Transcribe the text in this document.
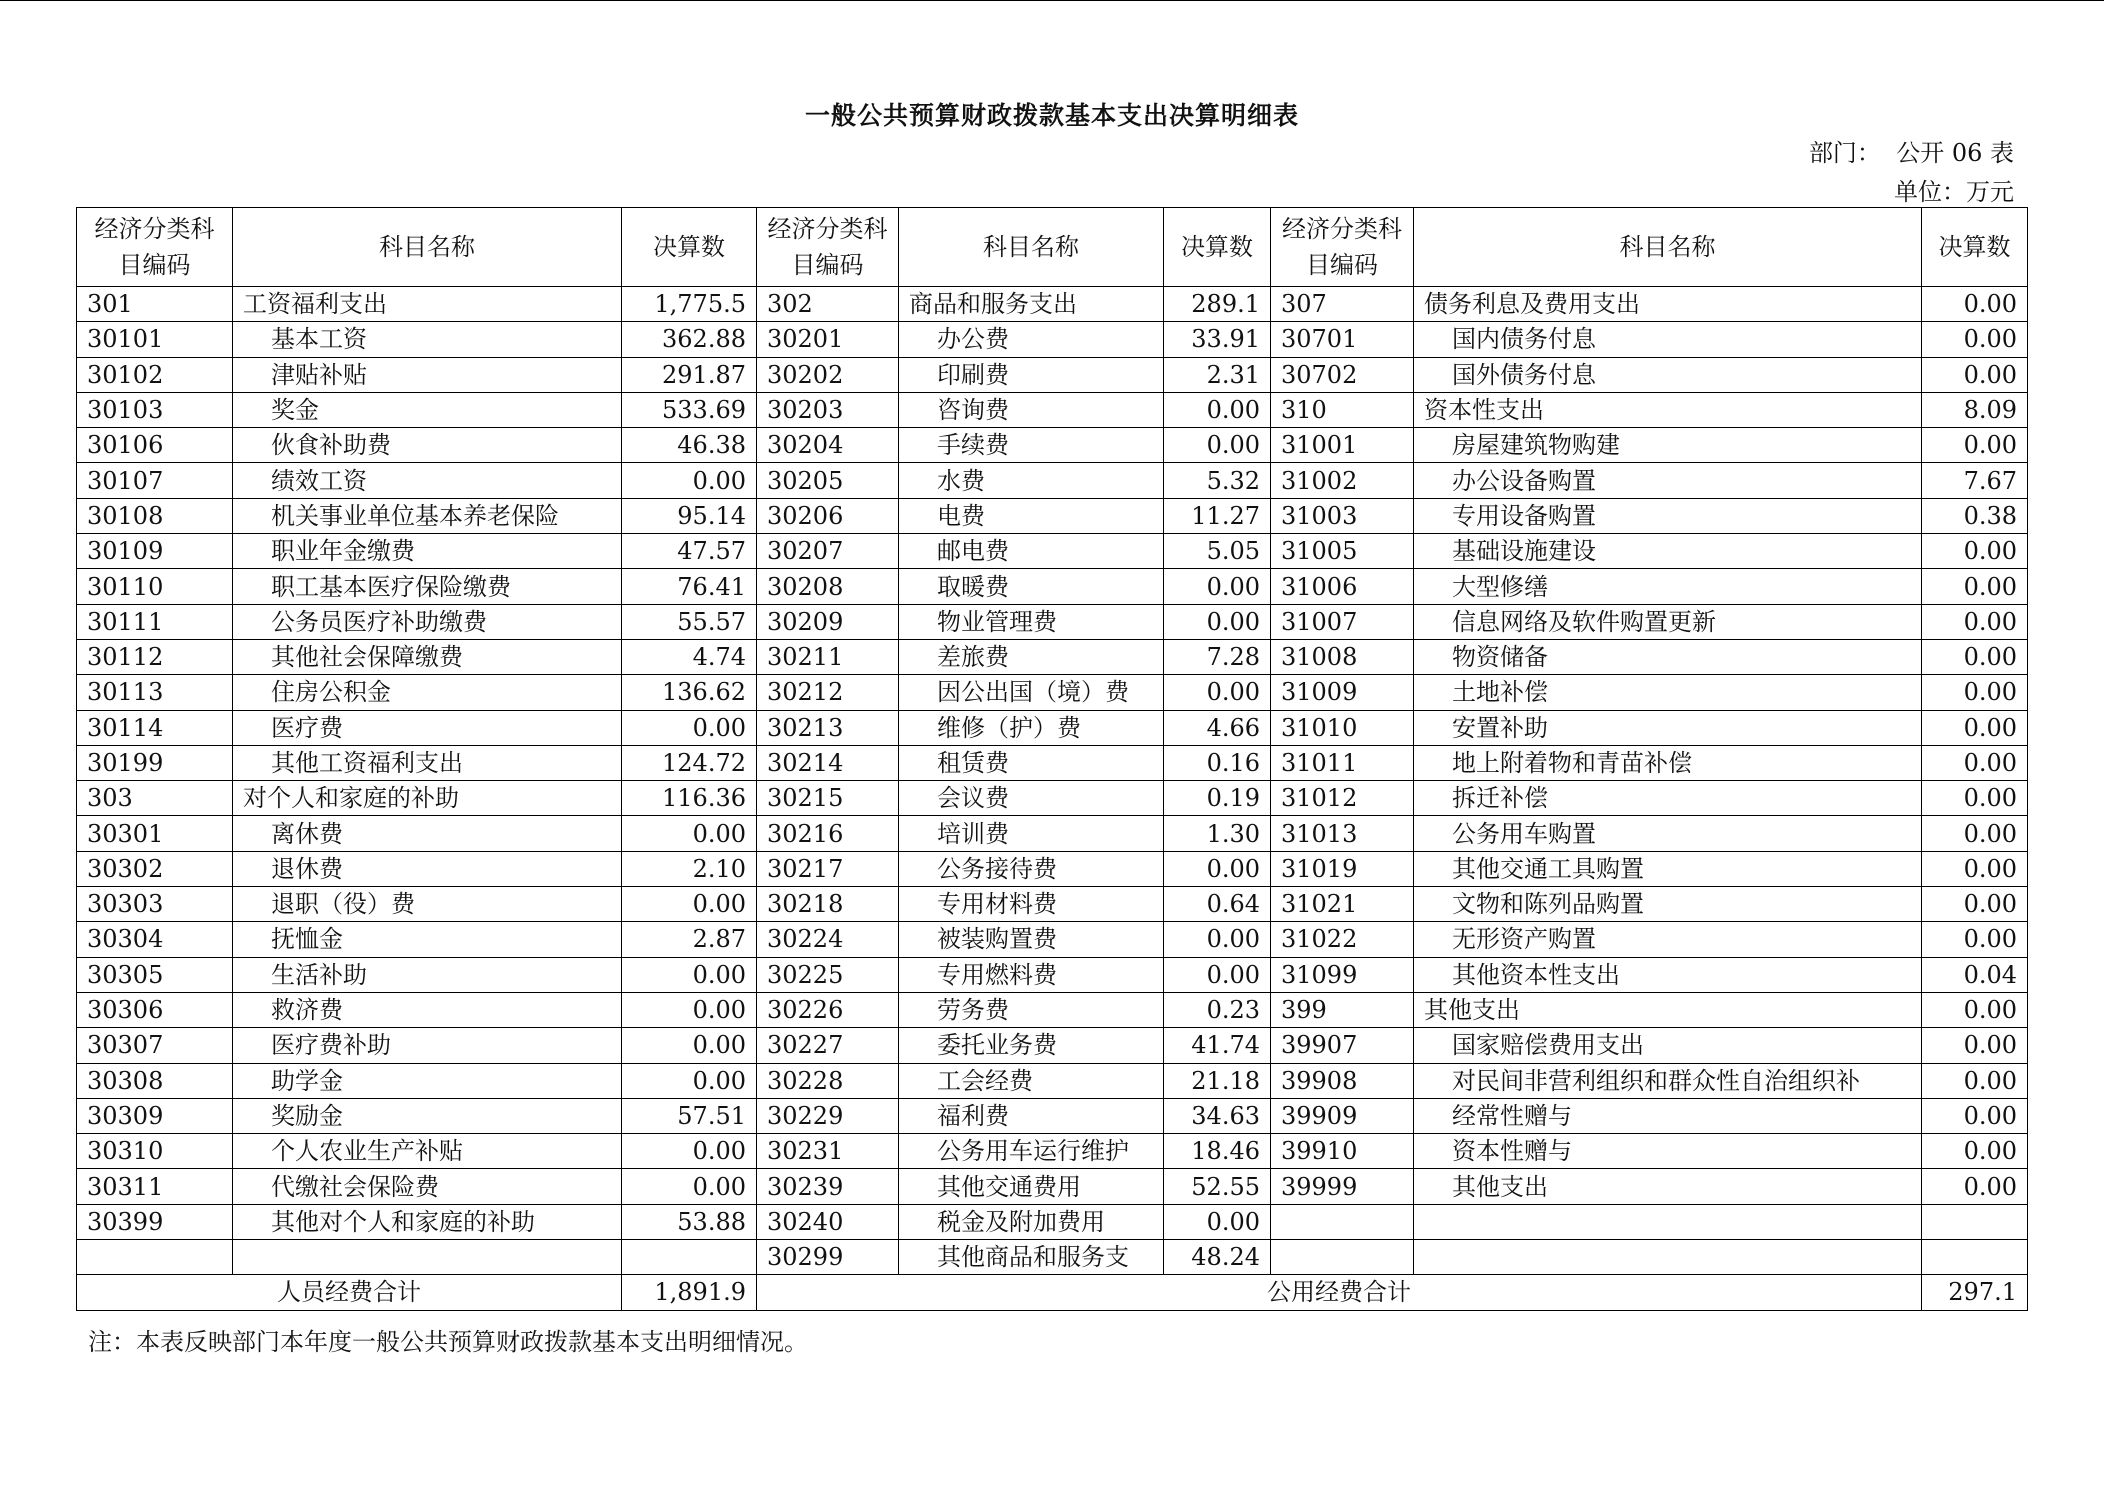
一般公共预算财政拨款基本支出决算明细表
部门： 公开 06 表
单位：万元
经济分类科目编码	科目名称	决算数	经济分类科目编码	科目名称	决算数	经济分类科目编码	科目名称	决算数
301	工资福利支出	1,775.5	302	商品和服务支出	289.1	307	债务利息及费用支出	0.00
30101	基本工资	362.88	30201	办公费	33.91	30701	国内债务付息	0.00
30102	津贴补贴	291.87	30202	印刷费	2.31	30702	国外债务付息	0.00
30103	奖金	533.69	30203	咨询费	0.00	310	资本性支出	8.09
30106	伙食补助费	46.38	30204	手续费	0.00	31001	房屋建筑物购建	0.00
30107	绩效工资	0.00	30205	水费	5.32	31002	办公设备购置	7.67
30108	机关事业单位基本养老保险	95.14	30206	电费	11.27	31003	专用设备购置	0.38
30109	职业年金缴费	47.57	30207	邮电费	5.05	31005	基础设施建设	0.00
30110	职工基本医疗保险缴费	76.41	30208	取暖费	0.00	31006	大型修缮	0.00
30111	公务员医疗补助缴费	55.57	30209	物业管理费	0.00	31007	信息网络及软件购置更新	0.00
30112	其他社会保障缴费	4.74	30211	差旅费	7.28	31008	物资储备	0.00
30113	住房公积金	136.62	30212	因公出国（境）费	0.00	31009	土地补偿	0.00
30114	医疗费	0.00	30213	维修（护）费	4.66	31010	安置补助	0.00
30199	其他工资福利支出	124.72	30214	租赁费	0.16	31011	地上附着物和青苗补偿	0.00
303	对个人和家庭的补助	116.36	30215	会议费	0.19	31012	拆迁补偿	0.00
30301	离休费	0.00	30216	培训费	1.30	31013	公务用车购置	0.00
30302	退休费	2.10	30217	公务接待费	0.00	31019	其他交通工具购置	0.00
30303	退职（役）费	0.00	30218	专用材料费	0.64	31021	文物和陈列品购置	0.00
30304	抚恤金	2.87	30224	被装购置费	0.00	31022	无形资产购置	0.00
30305	生活补助	0.00	30225	专用燃料费	0.00	31099	其他资本性支出	0.04
30306	救济费	0.00	30226	劳务费	0.23	399	其他支出	0.00
30307	医疗费补助	0.00	30227	委托业务费	41.74	39907	国家赔偿费用支出	0.00
30308	助学金	0.00	30228	工会经费	21.18	39908	对民间非营利组织和群众性自治组织补	0.00
30309	奖励金	57.51	30229	福利费	34.63	39909	经常性赠与	0.00
30310	个人农业生产补贴	0.00	30231	公务用车运行维护	18.46	39910	资本性赠与	0.00
30311	代缴社会保险费	0.00	30239	其他交通费用	52.55	39999	其他支出	0.00
30399	其他对个人和家庭的补助	53.88	30240	税金及附加费用	0.00			
			30299	其他商品和服务支	48.24			
人员经费合计		1,891.9	公用经费合计					297.1
注：本表反映部门本年度一般公共预算财政拨款基本支出明细情况。
